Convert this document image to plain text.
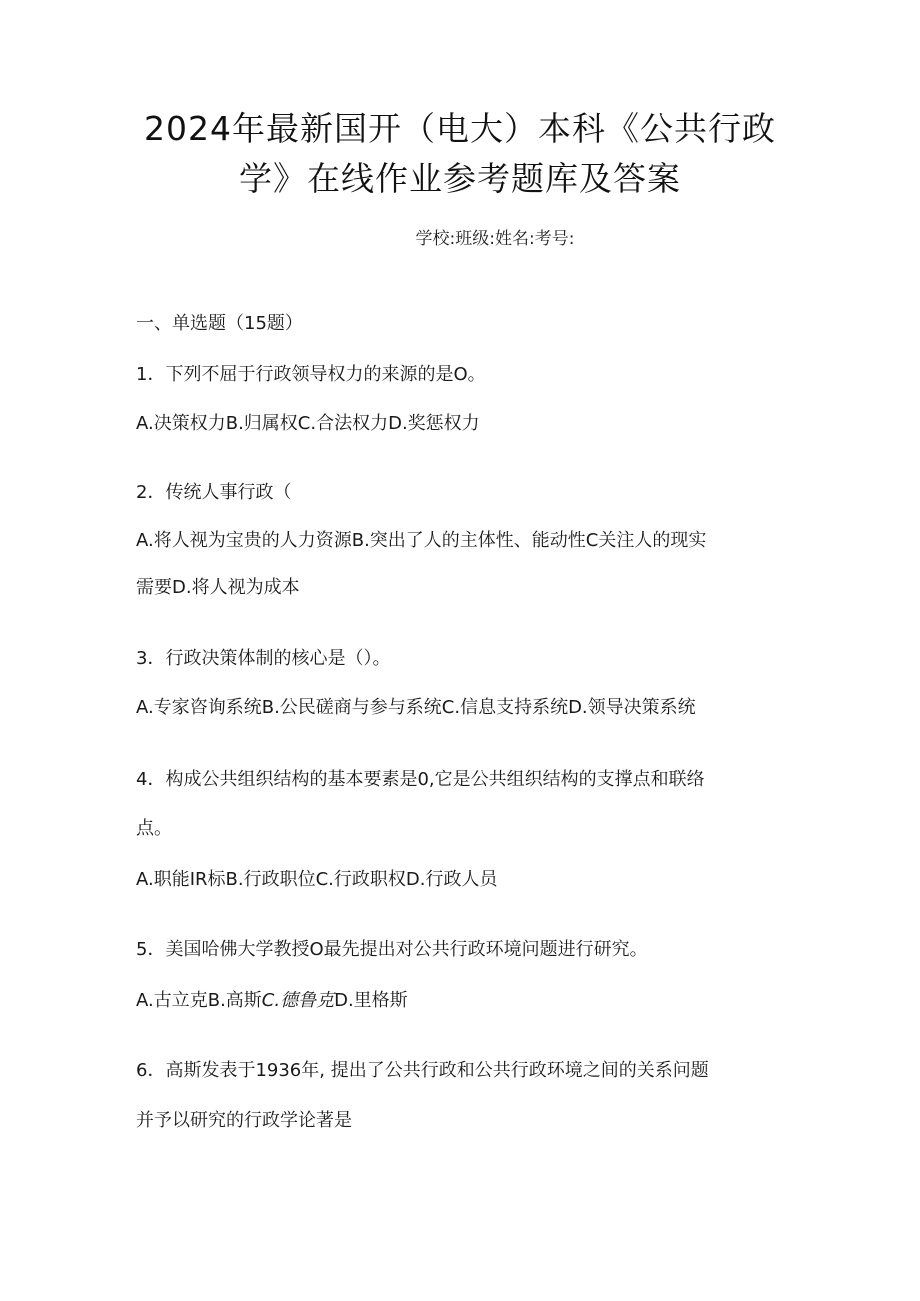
2024年最新国开（电大）本科《公共行政
学》在线作业参考题库及答案
学校:班级:姓名:考号:
一、单选题（15题）
1．下列不屈于行政领导权力的来源的是O。
A.决策权力B.归属权C.合法权力D.奖惩权力
2．传统人事行政（
A.将人视为宝贵的人力资源B.突出了人的主体性、能动性C关注人的现实
需要D.将人视为成本
3．行政决策体制的核心是（）。
A.专家咨询系统B.公民磋商与参与系统C.信息支持系统D.领导决策系统
4．构成公共组织结构的基本要素是0,它是公共组织结构的支撑点和联络
点。
A.职能IR标B.行政职位C.行政职权D.行政人员
5．美国哈佛大学教授O最先提出对公共行政环境问题进行研究。
A.古立克B.高斯C.德鲁克D.里格斯
6．高斯发表于1936年, 提出了公共行政和公共行政环境之间的关系问题
并予以研究的行政学论著是
